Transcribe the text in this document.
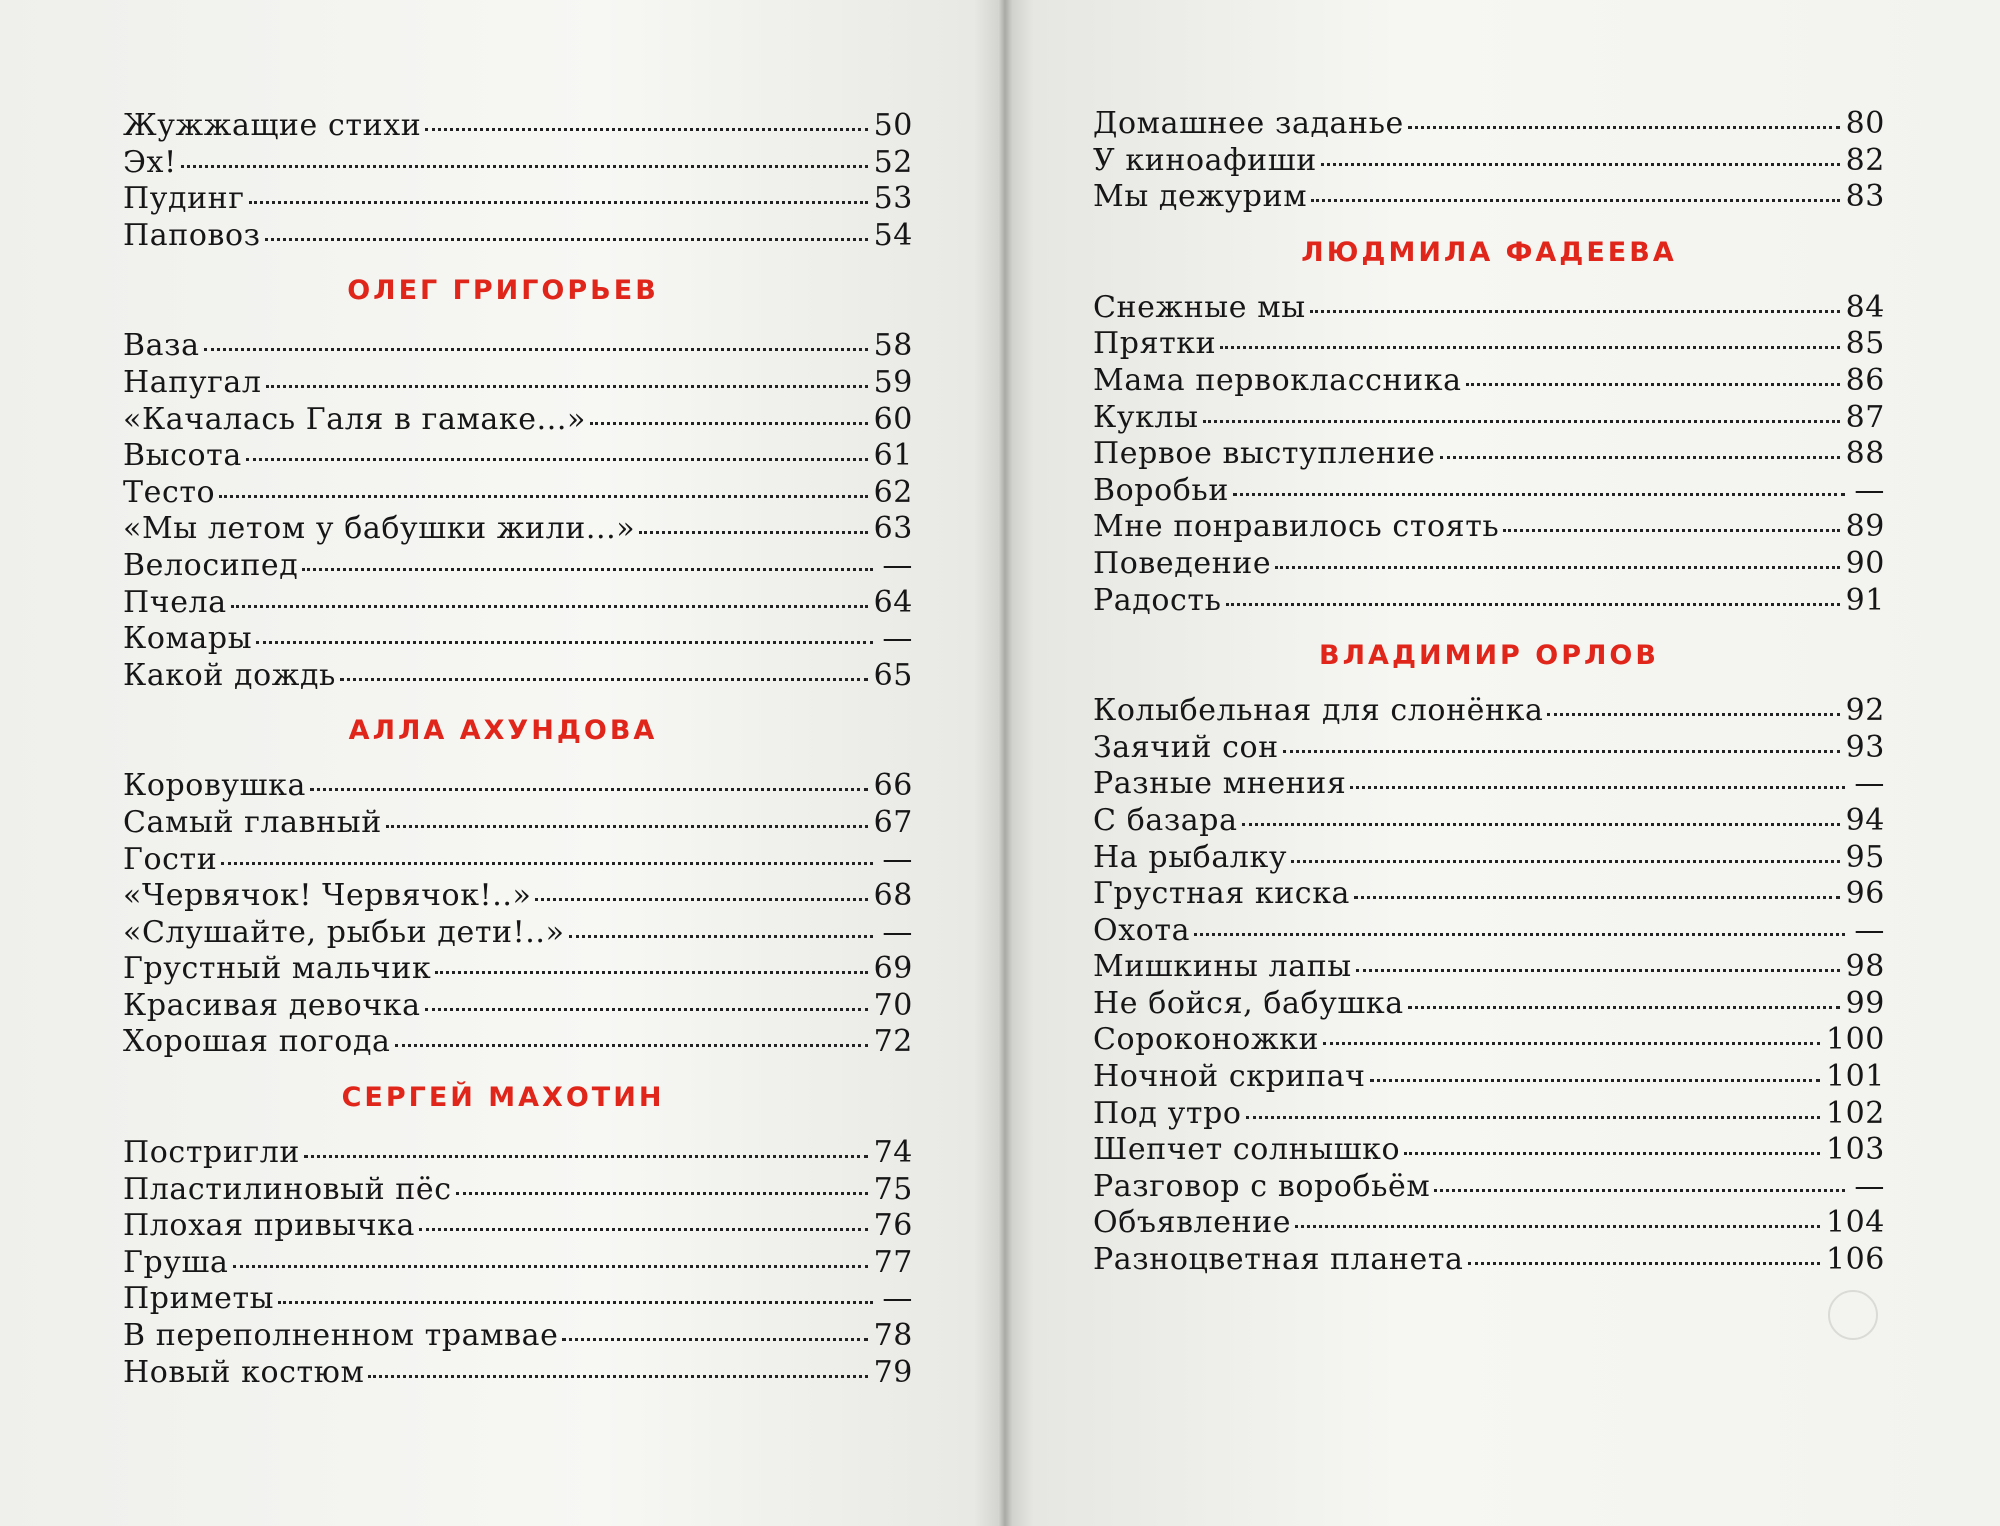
Жужжащие стихи	50
Эх!	52
Пудинг	53
Паповоз	54
ОЛЕГ ГРИГОРЬЕВ
Ваза	58
Напугал	59
«Качалась Галя в гамаке...»	60
Высота	61
Тесто	62
«Мы летом у бабушки жили...»	63
Велосипед	—
Пчела	64
Комары	—
Какой дождь	65
АЛЛА АХУНДОВА
Коровушка	66
Самый главный	67
Гости	—
«Червячок! Червячок!..»	68
«Слушайте, рыбьи дети!..»	—
Грустный мальчик	69
Красивая девочка	70
Хорошая погода	72
СЕРГЕЙ МАХОТИН
Постригли	74
Пластилиновый пёс	75
Плохая привычка	76
Груша	77
Приметы	—
В переполненном трамвае	78
Новый костюм	79
Домашнее заданье	80
У киноафиши	82
Мы дежурим	83
ЛЮДМИЛА ФАДЕЕВА
Снежные мы	84
Прятки	85
Мама первоклассника	86
Куклы	87
Первое выступление	88
Воробьи	—
Мне понравилось стоять	89
Поведение	90
Радость	91
ВЛАДИМИР ОРЛОВ
Колыбельная для слонёнка	92
Заячий сон	93
Разные мнения	—
С базара	94
На рыбалку	95
Грустная киска	96
Охота	—
Мишкины лапы	98
Не бойся, бабушка	99
Сороконожки	100
Ночной скрипач	101
Под утро	102
Шепчет солнышко	103
Разговор с воробьём	—
Объявление	104
Разноцветная планета	106
